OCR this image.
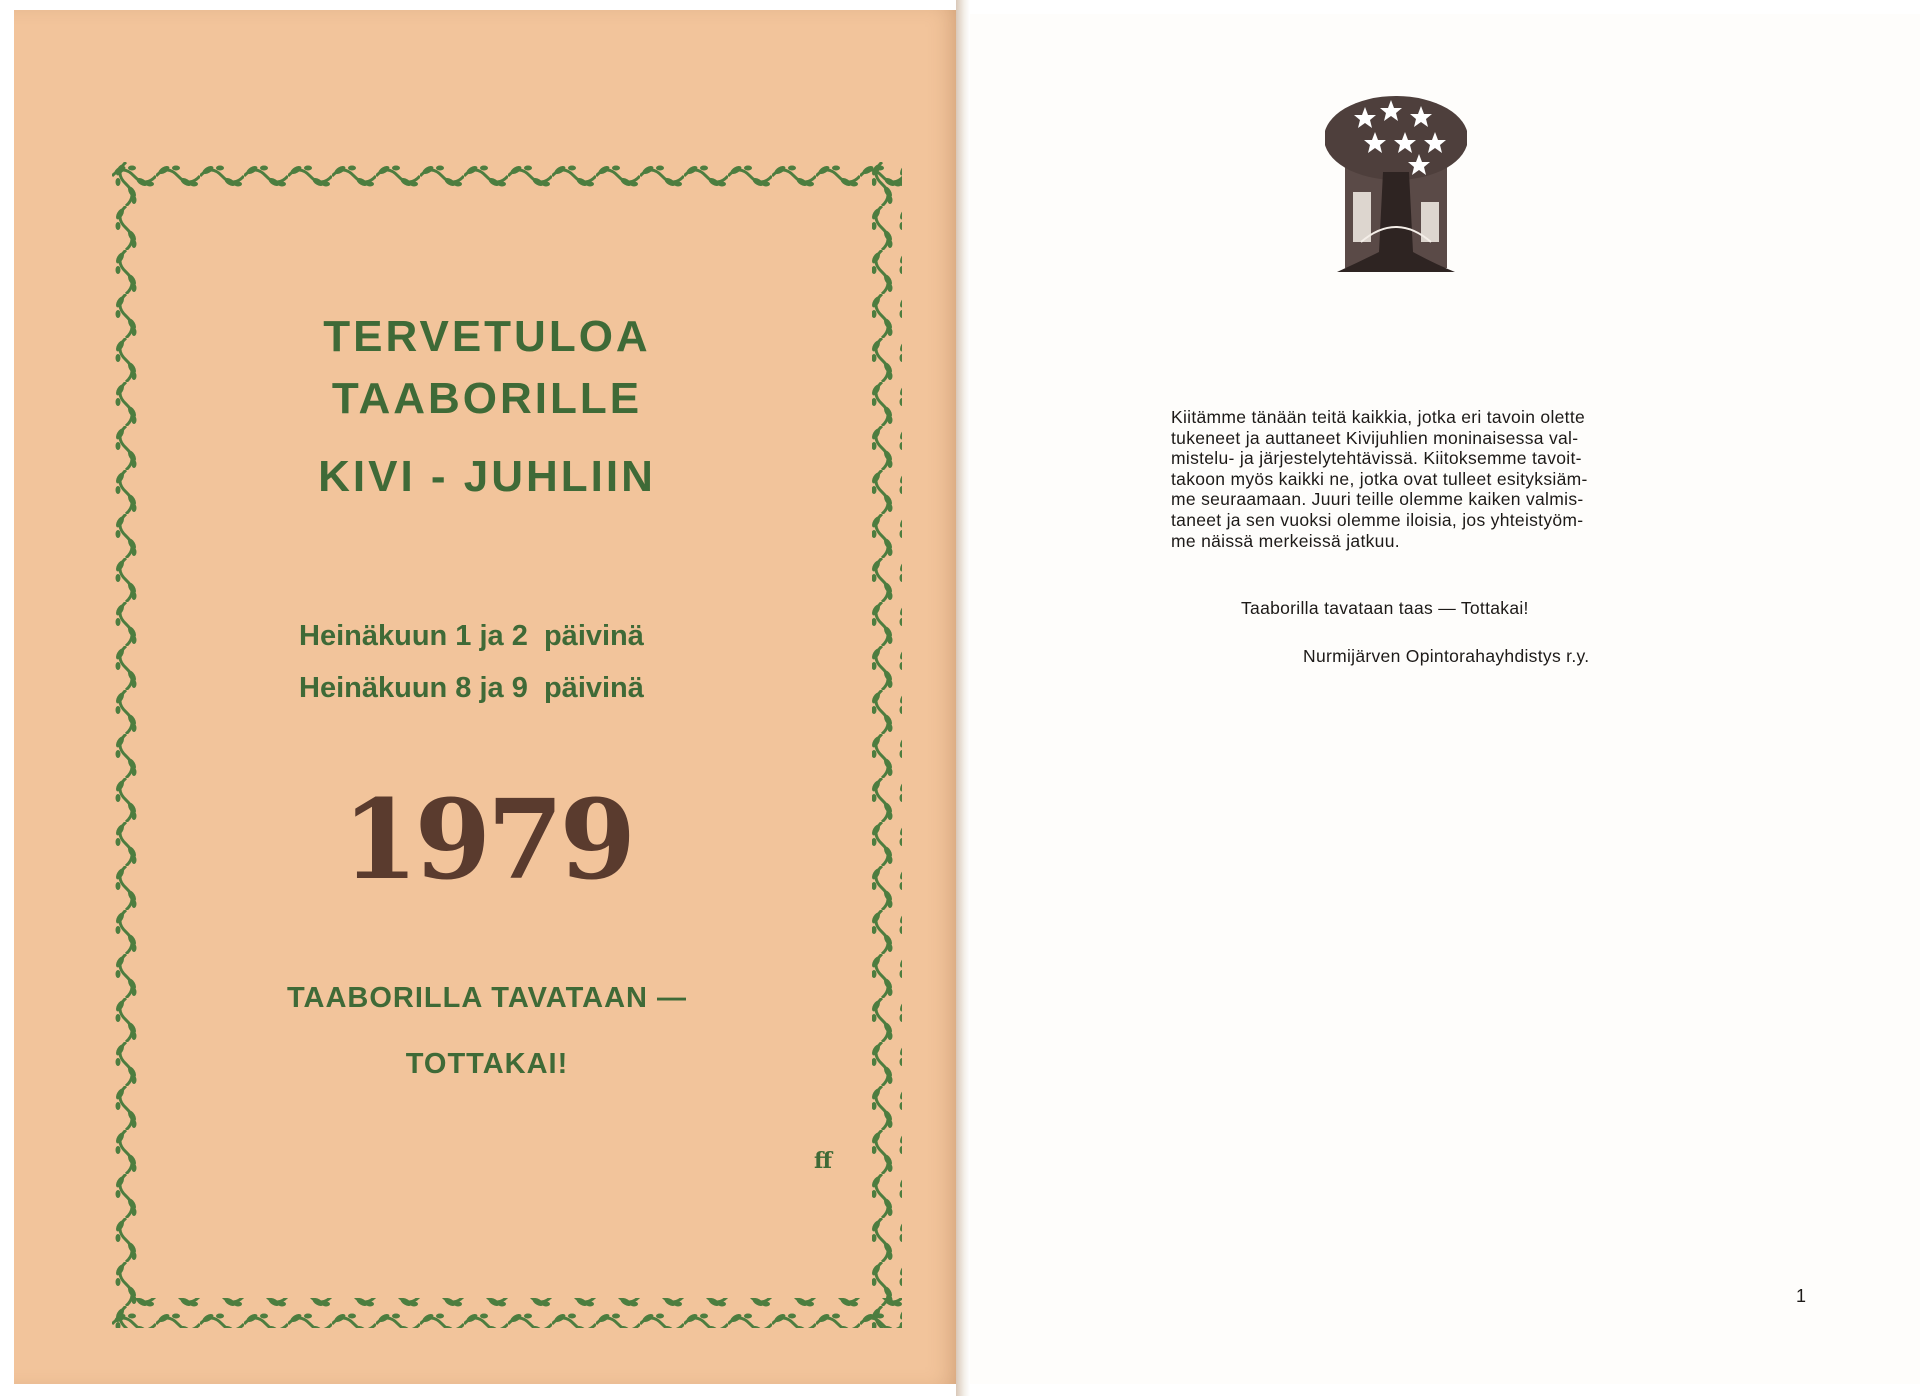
TERVETULOA
TAABORILLE
KIVI - JUHLIIN
Heinäkuun 1 ja 2  päivinä
Heinäkuun 8 ja 9  päivinä
1979
TAABORILLA TAVATAAN —
TOTTAKAI!
ff
Kiitämme tänään teitä kaikkia, jotka eri tavoin olette
tukeneet ja auttaneet Kivijuhlien moninaisessa val-
mistelu- ja järjestelytehtävissä. Kiitoksemme tavoit-
takoon myös kaikki ne, jotka ovat tulleet esityksiäm-
me seuraamaan. Juuri teille olemme kaiken valmis-
taneet ja sen vuoksi olemme iloisia, jos yhteistyöm-
me näissä merkeissä jatkuu.
Taaborilla tavataan taas — Tottakai!
Nurmijärven Opintorahayhdistys r.y.
1
